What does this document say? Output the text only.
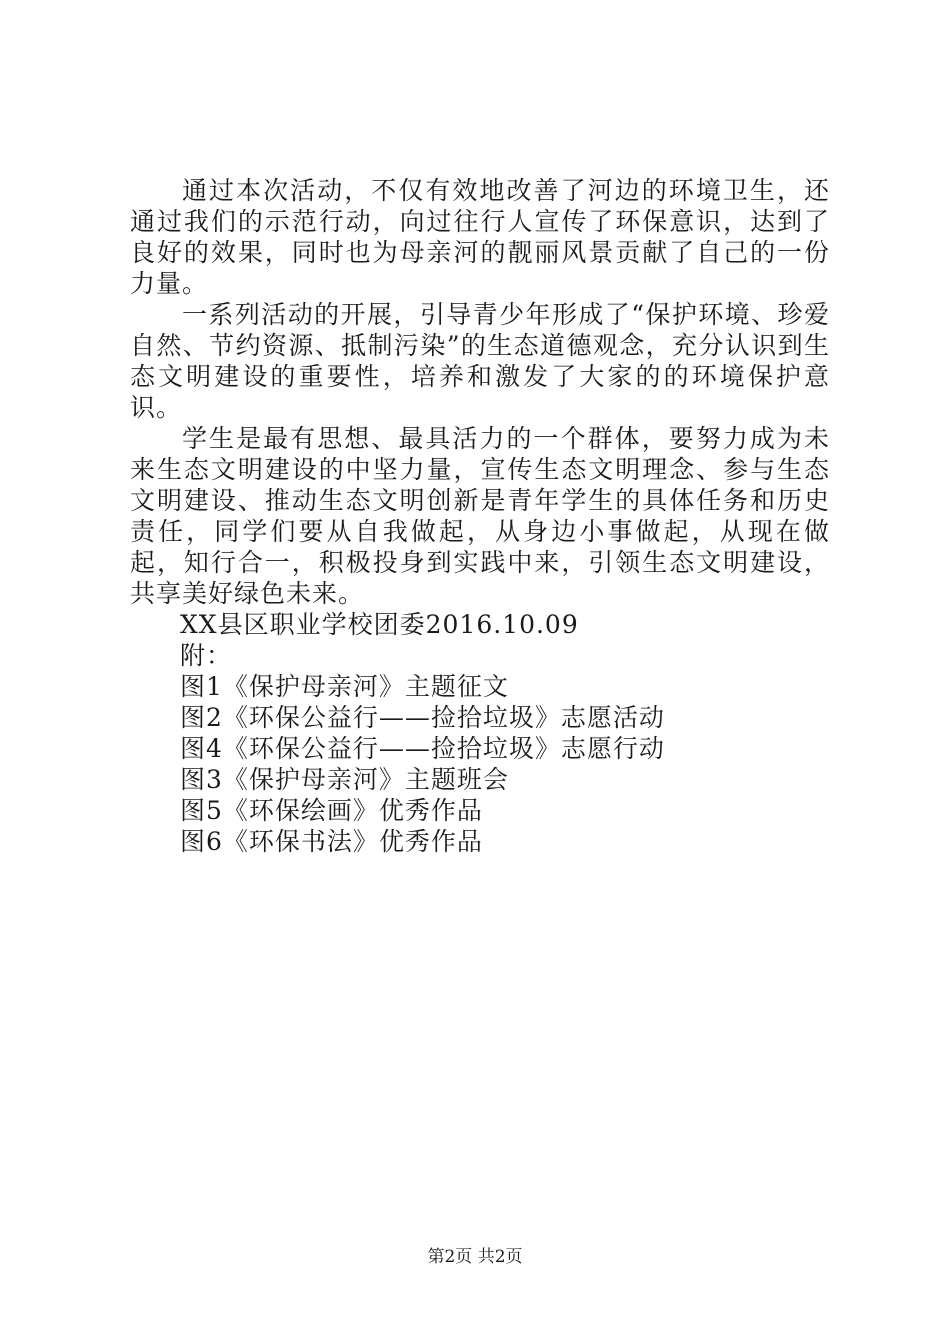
通过本次活动，不仅有效地改善了河边的环境卫生，还通过我们的示范行动，向过往行人宣传了环保意识，达到了良好的效果，同时也为母亲河的靓丽风景贡献了自己的一份力量。

一系列活动的开展，引导青少年形成了“保护环境、珍爱自然、节约资源、抵制污染”的生态道德观念，充分认识到生态文明建设的重要性，培养和激发了大家的的环境保护意识。

学生是最有思想、最具活力的一个群体，要努力成为未来生态文明建设的中坚力量，宣传生态文明理念、参与生态文明建设、推动生态文明创新是青年学生的具体任务和历史责任，同学们要从自我做起，从身边小事做起，从现在做起，知行合一，积极投身到实践中来，引领生态文明建设，共享美好绿色未来。

XX县区职业学校团委2016.10.09

附：

图1《保护母亲河》主题征文

图2《环保公益行——捡拾垃圾》志愿活动

图4《环保公益行——捡拾垃圾》志愿行动

图3《保护母亲河》主题班会

图5《环保绘画》优秀作品

图6《环保书法》优秀作品

第2页 共2页
